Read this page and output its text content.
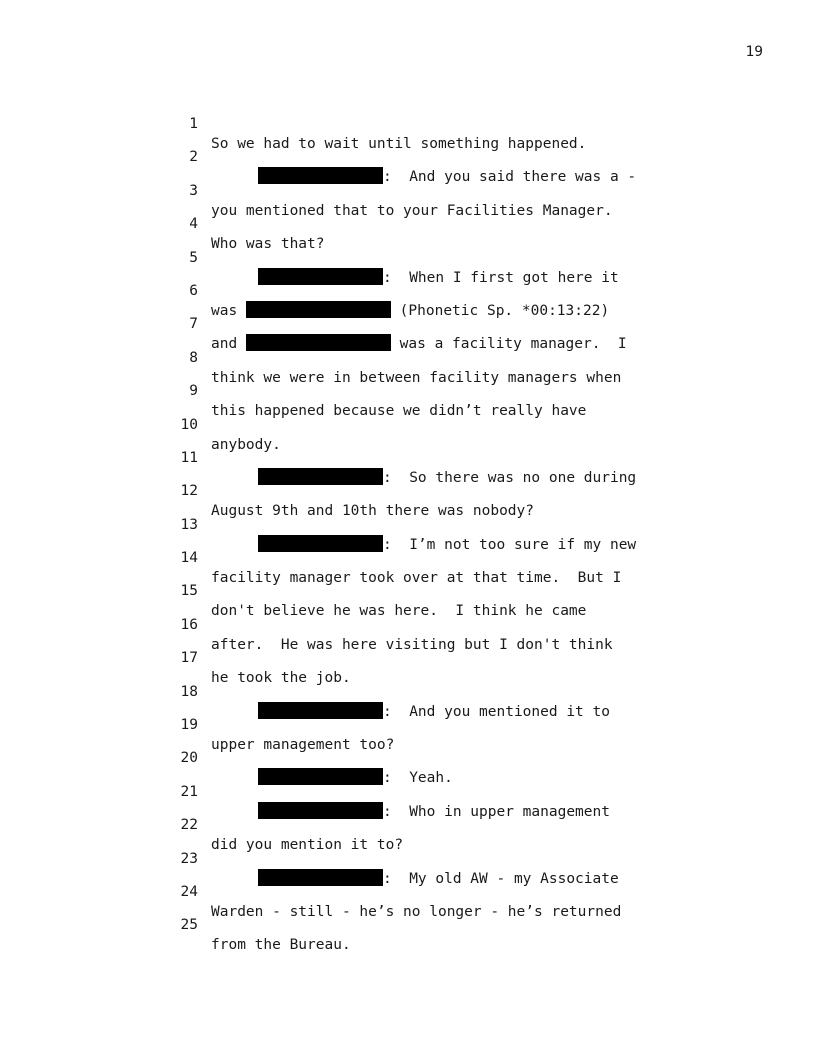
19

1

So we had to wait until something happened.

2

:  And you said there was a -

3

you mentioned that to your Facilities Manager.

4

Who was that?

5

:  When I first got here it

6

was	(Phonetic Sp. *00:13:22)

7

and	was a facility manager.  I

8

think we were in between facility managers when

9

this happened because we didn’t really have

10

anybody.

11

:  So there was no one during

12

August 9th and 10th there was nobody?

13

:  I’m not too sure if my new

14

facility manager took over at that time.  But I

15

don't believe he was here.  I think he came

16

after.  He was here visiting but I don't think

17

he took the job.

18

:  And you mentioned it to

19

upper management too?

20

:  Yeah.

21

:  Who in upper management

22

did you mention it to?

23

:  My old AW - my Associate

24

Warden - still - he’s no longer - he’s returned

25

from the Bureau.
